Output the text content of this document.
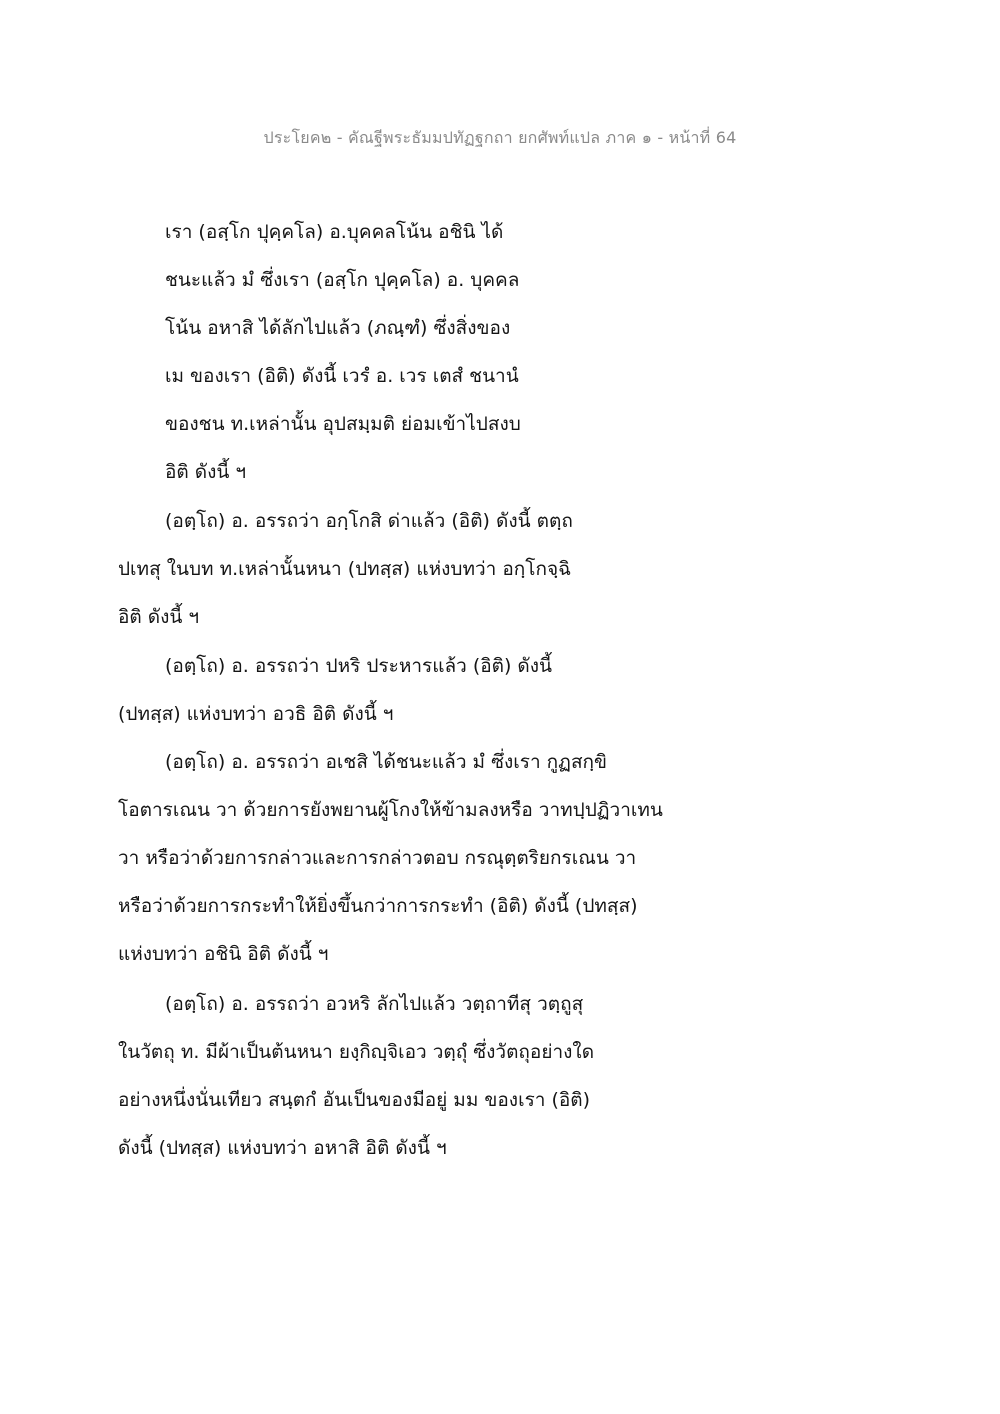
ประโยค๒ - คัณฐีพระธัมมปทัฏฐกถา ยกศัพท์แปล ภาค ๑ - หน้าที่ 64
เรา (อสฺโก ปุคฺคโล) อ.บุคคลโน้น อชินิ ได้
ชนะแล้ว มํ ซึ่งเรา (อสฺโก ปุคฺคโล) อ. บุคคล
โน้น อหาสิ ได้ลักไปแล้ว (ภณฺฑํ) ซึ่งสิ่งของ
เม ของเรา (อิติ) ดังนี้ เวรํ อ. เวร เตสํ ชนานํ
ของชน ท.เหล่านั้น อุปสมฺมติ ย่อมเข้าไปสงบ
อิติ ดังนี้ ฯ
(อตฺโถ) อ. อรรถว่า อกฺโกสิ ด่าแล้ว (อิติ) ดังนี้ ตตฺถ
ปเทสุ ในบท ท.เหล่านั้นหนา (ปทสฺส) แห่งบทว่า อกฺโกจฺฉิ
อิติ ดังนี้ ฯ
(อตฺโถ) อ. อรรถว่า ปหริ ประหารแล้ว (อิติ) ดังนี้
(ปทสฺส) แห่งบทว่า อวธิ อิติ ดังนี้ ฯ
(อตฺโถ) อ. อรรถว่า อเชสิ ได้ชนะแล้ว มํ ซึ่งเรา กูฏสกฺขิ
โอตารเณน วา ด้วยการยังพยานผู้โกงให้ข้ามลงหรือ วาทปฺปฏิวาเทน
วา หรือว่าด้วยการกล่าวและการกล่าวตอบ กรณุตฺตริยกรเณน วา
หรือว่าด้วยการกระทำให้ยิ่งขึ้นกว่าการกระทำ (อิติ) ดังนี้ (ปทสฺส)
แห่งบทว่า อชินิ อิติ ดังนี้ ฯ
(อตฺโถ) อ. อรรถว่า อวหริ ลักไปแล้ว วตฺถาทีสุ วตฺถูสุ
ในวัตถุ ท. มีผ้าเป็นต้นหนา ยงฺกิญฺจิเอว วตฺถุํ ซึ่งวัตถุอย่างใด
อย่างหนึ่งนั่นเทียว สนฺตกํ อันเป็นของมีอยู่ มม ของเรา (อิติ)
ดังนี้ (ปทสฺส) แห่งบทว่า อหาสิ อิติ ดังนี้ ฯ
